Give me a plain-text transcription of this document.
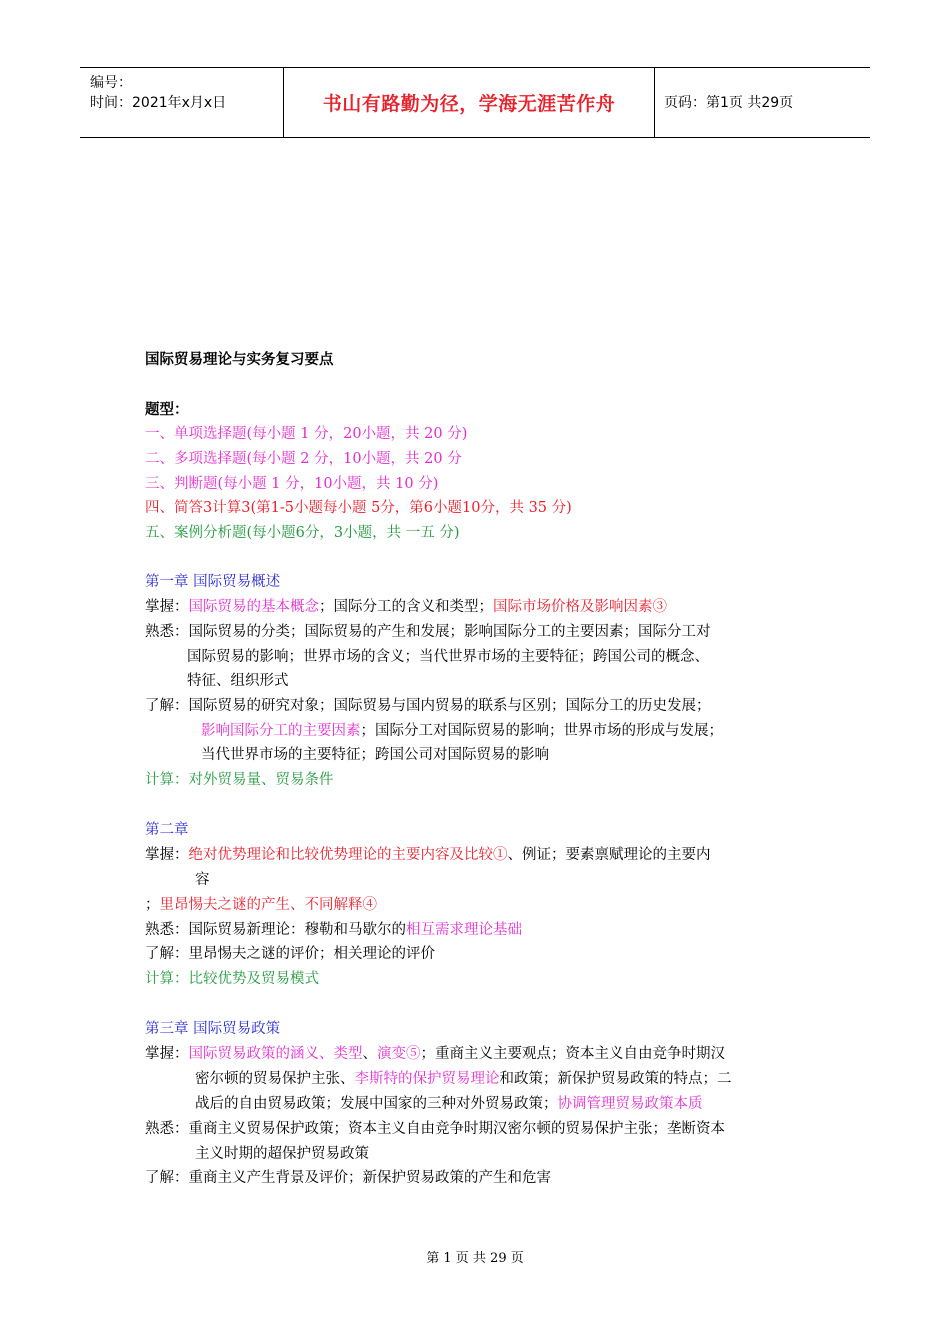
编号：
时间：2021年x月x日	书山有路勤为径，学海无涯苦作舟	页码：第1页 共29页
国际贸易理论与实务复习要点
题型：
一、单项选择题(每小题 1 分，20小题，共 20 分)
二、多项选择题(每小题 2 分，10小题，共 20 分
三、判断题(每小题 1 分，10小题，共 10 分)
四、简答3计算3(第1-5小题每小题 5分，第6小题10分，共 35 分)
五、案例分析题(每小题6分，3小题，共 一五 分)
第一章 国际贸易概述
掌握：国际贸易的基本概念；国际分工的含义和类型；国际市场价格及影响因素③
熟悉：国际贸易的分类；国际贸易的产生和发展；影响国际分工的主要因素；国际分工对
国际贸易的影响；世界市场的含义；当代世界市场的主要特征；跨国公司的概念、
特征、组织形式
了解：国际贸易的研究对象；国际贸易与国内贸易的联系与区别；国际分工的历史发展；
影响国际分工的主要因素；国际分工对国际贸易的影响；世界市场的形成与发展；
当代世界市场的主要特征；跨国公司对国际贸易的影响
计算：对外贸易量、贸易条件
第二章
掌握：绝对优势理论和比较优势理论的主要内容及比较①、例证；要素禀赋理论的主要内
容
；里昂惕夫之谜的产生、不同解释④
熟悉：国际贸易新理论：穆勒和马歇尔的相互需求理论基础
了解：里昂惕夫之谜的评价；相关理论的评价
计算：比较优势及贸易模式
第三章 国际贸易政策
掌握：国际贸易政策的涵义、类型、演变⑤；重商主义主要观点；资本主义自由竞争时期汉
密尔顿的贸易保护主张、李斯特的保护贸易理论和政策；新保护贸易政策的特点；二
战后的自由贸易政策；发展中国家的三种对外贸易政策；协调管理贸易政策本质
熟悉：重商主义贸易保护政策；资本主义自由竞争时期汉密尔顿的贸易保护主张；垄断资本
主义时期的超保护贸易政策
了解：重商主义产生背景及评价；新保护贸易政策的产生和危害
第 1 页 共 29 页
